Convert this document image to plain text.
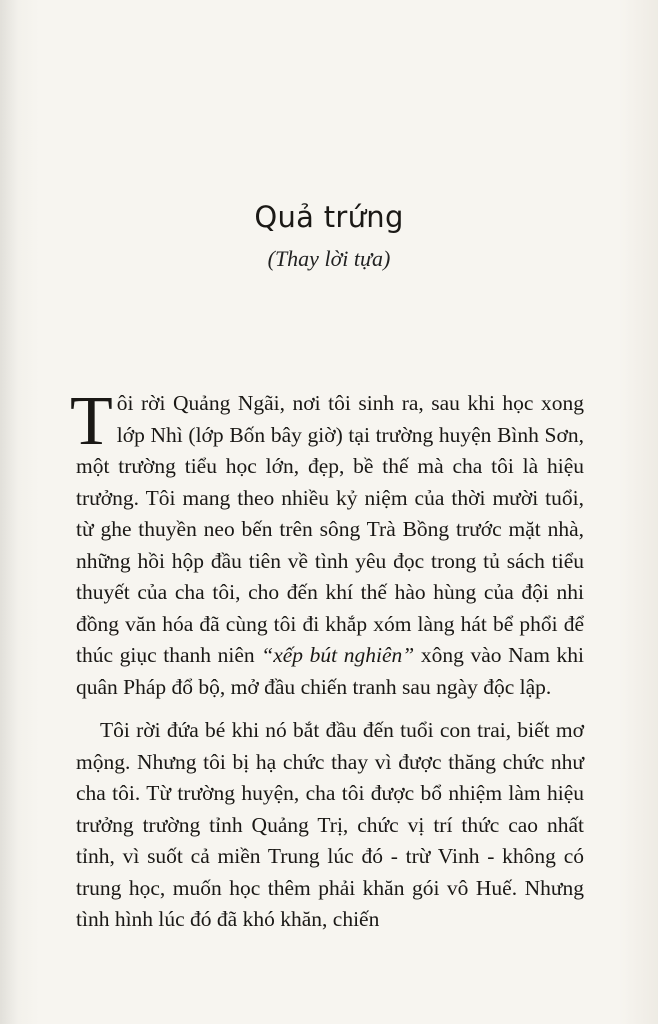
Quả trứng
(Thay lời tựa)

T ôi rời Quảng Ngãi, nơi tôi sinh ra, sau khi học xong lớp Nhì (lớp Bốn bây giờ) tại trường huyện Bình Sơn, một trường tiểu học lớn, đẹp, bề thế mà cha tôi là hiệu trưởng. Tôi mang theo nhiều kỷ niệm của thời mười tuổi, từ ghe thuyền neo bến trên sông Trà Bồng trước mặt nhà, những hồi hộp đầu tiên về tình yêu đọc trong tủ sách tiểu thuyết của cha tôi, cho đến khí thế hào hùng của đội nhi đồng văn hóa đã cùng tôi đi khắp xóm làng hát bể phổi để thúc giục thanh niên “xếp bút nghiên” xông vào Nam khi quân Pháp đổ bộ, mở đầu chiến tranh sau ngày độc lập.

Tôi rời đứa bé khi nó bắt đầu đến tuổi con trai, biết mơ mộng. Nhưng tôi bị hạ chức thay vì được thăng chức như cha tôi. Từ trường huyện, cha tôi được bổ nhiệm làm hiệu trưởng trường tỉnh Quảng Trị, chức vị trí thức cao nhất tỉnh, vì suốt cả miền Trung lúc đó - trừ Vinh - không có trung học, muốn học thêm phải khăn gói vô Huế. Nhưng tình hình lúc đó đã khó khăn, chiến
